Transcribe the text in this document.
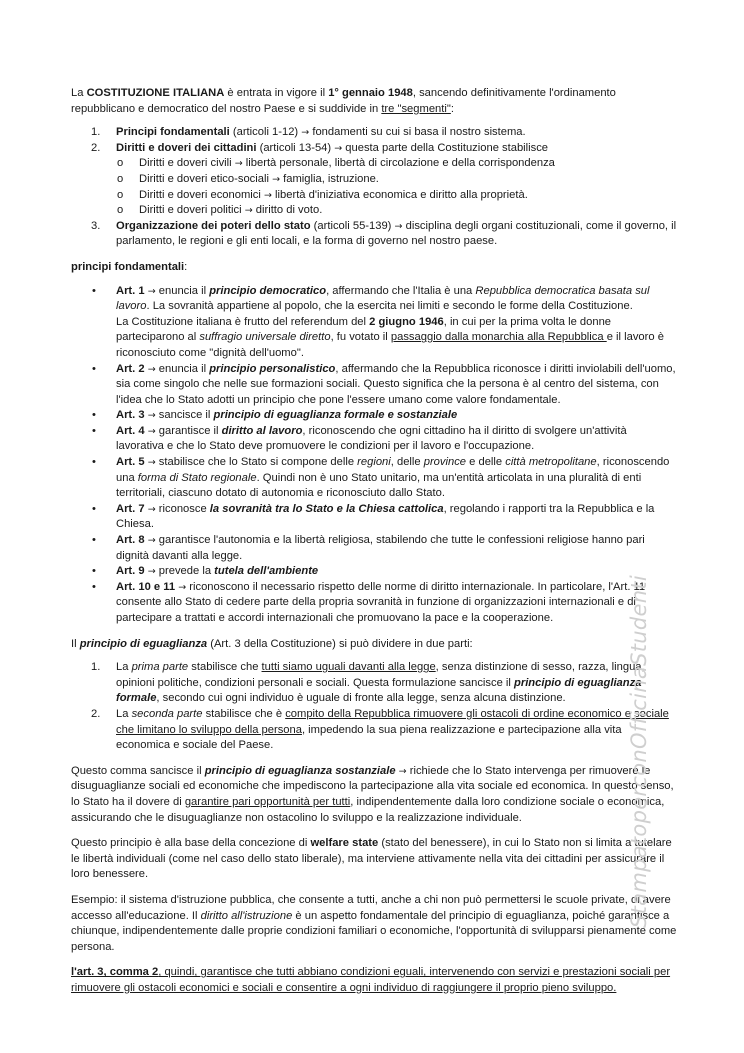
La COSTITUZIONE ITALIANA è entrata in vigore il 1° gennaio 1948, sancendo definitivamente l'ordinamento repubblicano e democratico del nostro Paese e si suddivide in tre "segmenti":

1. Principi fondamentali (articoli 1-12) → fondamenti su cui si basa il nostro sistema.
2. Diritti e doveri dei cittadini (articoli 13-54) → questa parte della Costituzione stabilisce
o Diritti e doveri civili → libertà personale, libertà di circolazione e della corrispondenza
o Diritti e doveri etico-sociali → famiglia, istruzione.
o Diritti e doveri economici → libertà d'iniziativa economica e diritto alla proprietà.
o Diritti e doveri politici → diritto di voto.
3. Organizzazione dei poteri dello stato (articoli 55-139) → disciplina degli organi costituzionali, come il governo, il parlamento, le regioni e gli enti locali, e la forma di governo nel nostro paese.

principi fondamentali:

• Art. 1 → enuncia il principio democratico, affermando che l'Italia è una Repubblica democratica basata sul lavoro. La sovranità appartiene al popolo, che la esercita nei limiti e secondo le forme della Costituzione.
La Costituzione italiana è frutto del referendum del 2 giugno 1946, in cui per la prima volta le donne parteciparono al suffragio universale diretto, fu votato il passaggio dalla monarchia alla Repubblica e il lavoro è riconosciuto come "dignità dell'uomo".
• Art. 2 → enuncia il principio personalistico, affermando che la Repubblica riconosce i diritti inviolabili dell'uomo, sia come singolo che nelle sue formazioni sociali. Questo significa che la persona è al centro del sistema, con l'idea che lo Stato adotti un principio che pone l'essere umano come valore fondamentale.
• Art. 3 → sancisce il principio di eguaglianza formale e sostanziale
• Art. 4 → garantisce il diritto al lavoro, riconoscendo che ogni cittadino ha il diritto di svolgere un'attività lavorativa e che lo Stato deve promuovere le condizioni per il lavoro e l'occupazione.
• Art. 5 → stabilisce che lo Stato si compone delle regioni, delle province e delle città metropolitane, riconoscendo una forma di Stato regionale. Quindi non è uno Stato unitario, ma un'entità articolata in una pluralità di enti territoriali, ciascuno dotato di autonomia e riconosciuto dallo Stato.
• Art. 7 → riconosce la sovranità tra lo Stato e la Chiesa cattolica, regolando i rapporti tra la Repubblica e la Chiesa.
• Art. 8 → garantisce l'autonomia e la libertà religiosa, stabilendo che tutte le confessioni religiose hanno pari dignità davanti alla legge.
• Art. 9 → prevede la tutela dell'ambiente
• Art. 10 e 11 → riconoscono il necessario rispetto delle norme di diritto internazionale. In particolare, l'Art. 11 consente allo Stato di cedere parte della propria sovranità in funzione di organizzazioni internazionali e di partecipare a trattati e accordi internazionali che promuovano la pace e la cooperazione.

Il principio di eguaglianza (Art. 3 della Costituzione) si può dividere in due parti:

1. La prima parte stabilisce che tutti siamo uguali davanti alla legge, senza distinzione di sesso, razza, lingua, opinioni politiche, condizioni personali e sociali. Questa formulazione sancisce il principio di eguaglianza formale, secondo cui ogni individuo è uguale di fronte alla legge, senza alcuna distinzione.
2. La seconda parte stabilisce che è compito della Repubblica rimuovere gli ostacoli di ordine economico e sociale che limitano lo sviluppo della persona, impedendo la sua piena realizzazione e partecipazione alla vita economica e sociale del Paese.

Questo comma sancisce il principio di eguaglianza sostanziale → richiede che lo Stato intervenga per rimuovere le disuguaglianze sociali ed economiche che impediscono la partecipazione alla vita sociale ed economica. In questo senso, lo Stato ha il dovere di garantire pari opportunità per tutti, indipendentemente dalla loro condizione sociale o economica, assicurando che le disuguaglianze non ostacolino lo sviluppo e la realizzazione individuale.

Questo principio è alla base della concezione di welfare state (stato del benessere), in cui lo Stato non si limita a tutelare le libertà individuali (come nel caso dello stato liberale), ma interviene attivamente nella vita dei cittadini per assicurare il loro benessere.

Esempio: il sistema d'istruzione pubblica, che consente a tutti, anche a chi non può permettersi le scuole private, di avere accesso all'educazione. Il diritto all'istruzione è un aspetto fondamentale del principio di eguaglianza, poiché garantisce a chiunque, indipendentemente dalle proprie condizioni familiari o economiche, l'opportunità di svilupparsi pienamente come persona.

l'art. 3, comma 2, quindi, garantisce che tutti abbiano condizioni eguali, intervenendo con servizi e prestazioni sociali per rimuovere gli ostacoli economici e sociali e consentire a ogni individuo di raggiungere il proprio pieno sviluppo.

StampatoperconOfficinaStudenti
